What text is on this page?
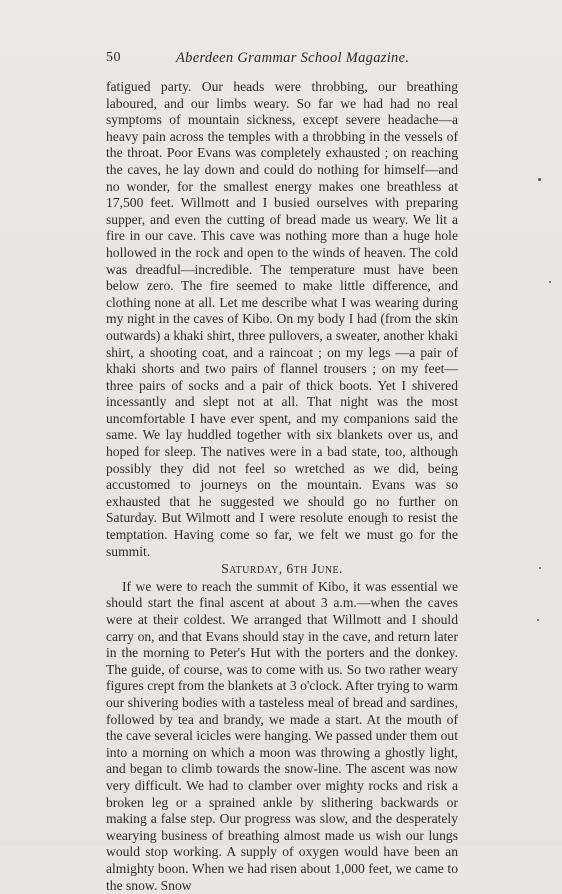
50	Aberdeen Grammar School Magazine.

fatigued party. Our heads were throbbing, our breathing laboured, and our limbs weary. So far we had had no real symptoms of mountain sickness, except severe headache—a heavy pain across the temples with a throbbing in the vessels of the throat. Poor Evans was completely exhausted ; on reaching the caves, he lay down and could do nothing for himself—and no wonder, for the smallest energy makes one breathless at 17,500 feet. Willmott and I busied ourselves with preparing supper, and even the cutting of bread made us weary. We lit a fire in our cave. This cave was nothing more than a huge hole hollowed in the rock and open to the winds of heaven. The cold was dreadful—incredible. The temperature must have been below zero. The fire seemed to make little difference, and clothing none at all. Let me describe what I was wearing during my night in the caves of Kibo. On my body I had (from the skin outwards) a khaki shirt, three pullovers, a sweater, another khaki shirt, a shooting coat, and a raincoat ; on my legs —a pair of khaki shorts and two pairs of flannel trousers ; on my feet—three pairs of socks and a pair of thick boots. Yet I shivered incessantly and slept not at all. That night was the most uncomfortable I have ever spent, and my companions said the same. We lay huddled together with six blankets over us, and hoped for sleep. The natives were in a bad state, too, although possibly they did not feel so wretched as we did, being accustomed to journeys on the mountain. Evans was so exhausted that he suggested we should go no further on Saturday. But Wilmott and I were resolute enough to resist the temptation. Having come so far, we felt we must go for the summit.

Saturday, 6th June.

If we were to reach the summit of Kibo, it was essential we should start the final ascent at about 3 a.m.—when the caves were at their coldest. We arranged that Willmott and I should carry on, and that Evans should stay in the cave, and return later in the morning to Peter's Hut with the porters and the donkey. The guide, of course, was to come with us. So two rather weary figures crept from the blankets at 3 o'clock. After trying to warm our shivering bodies with a tasteless meal of bread and sardines, followed by tea and brandy, we made a start. At the mouth of the cave several icicles were hanging. We passed under them out into a morning on which a moon was throwing a ghostly light, and began to climb towards the snow-line. The ascent was now very difficult. We had to clamber over mighty rocks and risk a broken leg or a sprained ankle by slithering backwards or making a false step. Our progress was slow, and the desperately wearying business of breathing almost made us wish our lungs would stop working. A supply of oxygen would have been an almighty boon. When we had risen about 1,000 feet, we came to the snow. Snow
